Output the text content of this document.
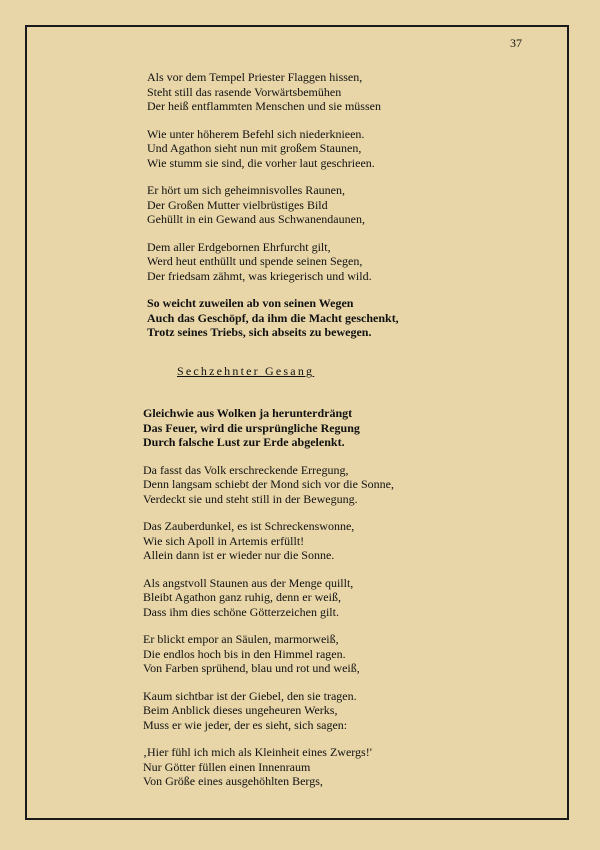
37
Als vor dem Tempel Priester Flaggen hissen,
Steht still das rasende Vorwärtsbemühen
Der heiß entflammten Menschen und sie müssen
Wie unter höherem Befehl sich niederknieen.
Und Agathon sieht nun mit großem Staunen,
Wie stumm sie sind, die vorher laut geschrieen.
Er hört um sich geheimnisvolles Raunen,
Der Großen Mutter vielbrüstiges Bild
Gehüllt in ein Gewand aus Schwanendaunen,
Dem aller Erdgebornen Ehrfurcht gilt,
Werd heut enthüllt und spende seinen Segen,
Der friedsam zähmt, was kriegerisch und wild.
So weicht zuweilen ab von seinen Wegen
Auch das Geschöpf, da ihm die Macht geschenkt,
Trotz seines Triebs, sich abseits zu bewegen.
Sechzehnter Gesang
Gleichwie aus Wolken ja herunterdrängt
Das Feuer, wird die ursprüngliche Regung
Durch falsche Lust zur Erde abgelenkt.
Da fasst das Volk erschreckende Erregung,
Denn langsam schiebt der Mond sich vor die Sonne,
Verdeckt sie und steht still in der Bewegung.
Das Zauberdunkel, es ist Schreckenswonne,
Wie sich Apoll in Artemis erfüllt!
Allein dann ist er wieder nur die Sonne.
Als angstvoll Staunen aus der Menge quillt,
Bleibt Agathon ganz ruhig, denn er weiß,
Dass ihm dies schöne Götterzeichen gilt.
Er blickt empor an Säulen, marmorweiß,
Die endlos hoch bis in den Himmel ragen.
Von Farben sprühend, blau und rot und weiß,
Kaum sichtbar ist der Giebel, den sie tragen.
Beim Anblick dieses ungeheuren Werks,
Muss er wie jeder, der es sieht, sich sagen:
‚Hier fühl ich mich als Kleinheit eines Zwergs!'
Nur Götter füllen einen Innenraum
Von Größe eines ausgehöhlten Bergs,
